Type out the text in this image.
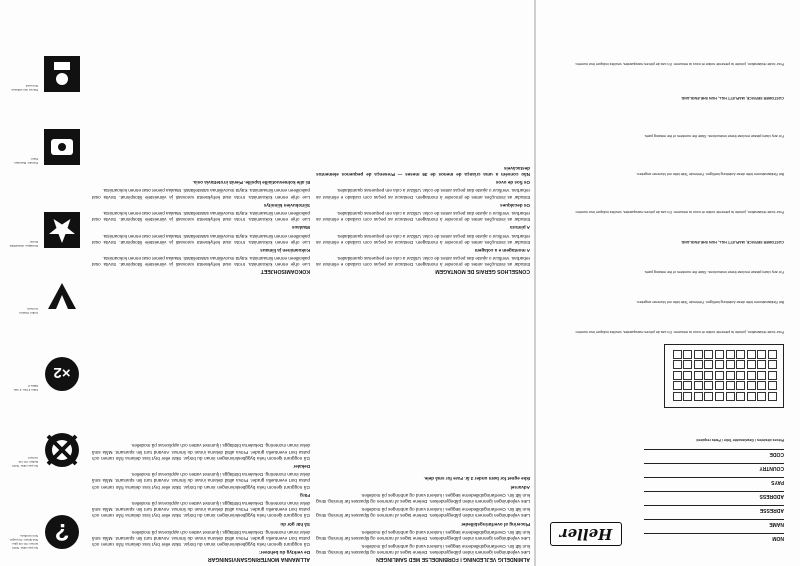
?
Ne pas coller. Nicht leimen. Do not glue. Niet lijmen. No pegar. Non incollare.
Ne pas coller. Nicht kleben. Do not cement.
×2
Faire 2 fois. 2 mal. Make 2.
Coller. Kleben. Cement.
Décalque. Abziehbild. Decal.
Peindre. Bemalen. Paint.
Pièces non utilisées. Not used.
KOKOAMISOHJEET

Lue ohje ennen kokoamista. Irrota osat kehyksestä varovasti ja viimeistele liitospinnat. Sovita osat paikoilleen ennen liimaamista. Käytä muoviliimaa säästeliäästi. Maalaa pienet osat ennen kokoamista.

Kokoaminen ja liimaus

Lue ohje ennen kokoamista. Irrota osat kehyksestä varovasti ja viimeistele liitospinnat. Sovita osat paikoilleen ennen liimaamista. Käytä muoviliimaa säästeliäästi. Maalaa pienet osat ennen kokoamista.

Maalaus

Lue ohje ennen kokoamista. Irrota osat kehyksestä varovasti ja viimeistele liitospinnat. Sovita osat paikoilleen ennen liimaamista. Käytä muoviliimaa säästeliäästi. Maalaa pienet osat ennen kokoamista.

Siirtokuvien kiinnitys

Lue ohje ennen kokoamista. Irrota osat kehyksestä varovasti ja viimeistele liitospinnat. Sovita osat paikoilleen ennen liimaamista. Käytä muoviliimaa säästeliäästi. Maalaa pienet osat ennen kokoamista.

Ei alle kolmevuotiaille lapsille. Pieniä irrotettavia osia.

ALLMÄNNA MONTERINGSANVISNINGAR

De verktyg du behöver:

Gå noggrant igenom hela byggbeskrivningen innan du börjar. Skär eller bryt loss delarna från ramen och putsa bort eventuella grader. Pröva alltid delarna innan du limmar. Använd tunt lim sparsamt. Måla små delar innan montering. Dekalerna blötläggs i ljummet vatten och appliceras på modellen.

Så här gör du

Gå noggrant igenom hela byggbeskrivningen innan du börjar. Skär eller bryt loss delarna från ramen och putsa bort eventuella grader. Pröva alltid delarna innan du limmar. Använd tunt lim sparsamt. Måla små delar innan montering. Dekalerna blötläggs i ljummet vatten och appliceras på modellen.

Färg

Gå noggrant igenom hela byggbeskrivningen innan du börjar. Skär eller bryt loss delarna från ramen och putsa bort eventuella grader. Pröva alltid delarna innan du limmar. Använd tunt lim sparsamt. Måla små delar innan montering. Dekalerna blötläggs i ljummet vatten och appliceras på modellen.

Dekaler

Gå noggrant igenom hela byggbeskrivningen innan du börjar. Skär eller bryt loss delarna från ramen och putsa bort eventuella grader. Pröva alltid delarna innan du limmar. Använd tunt lim sparsamt. Måla små delar innan montering. Dekalerna blötläggs i ljummet vatten och appliceras på modellen.

CONSELHOS GERAIS DE MONTAGEM

Estudar as instruções antes de proceder à montagem. Destacar as peças com cuidado e eliminar as rebarbas. Verificar o ajuste das peças antes de colar. Utilizar a cola em pequenas quantidades.

A montagem e a colagem

Estudar as instruções antes de proceder à montagem. Destacar as peças com cuidado e eliminar as rebarbas. Verificar o ajuste das peças antes de colar. Utilizar a cola em pequenas quantidades.

A pintura

Estudar as instruções antes de proceder à montagem. Destacar as peças com cuidado e eliminar as rebarbas. Verificar o ajuste das peças antes de colar. Utilizar a cola em pequenas quantidades.

Os decalques

Estudar as instruções antes de proceder à montagem. Destacar as peças com cuidado e eliminar as rebarbas. Verificar o ajuste das peças antes de colar. Utilizar a cola em pequenas quantidades.

Os fios de ovos

Não convém a uma criança de menos de 36 meses — Presença de pequenos elementos destacáveis

ALMINDELIG VEJLEDNING I FORBINDELSE MED SAMLINGEN

Læs vejledningen igennem inden påbegyndelsen. Delene tages af rammen og tilpasses før limning. Brug kun lidt lim. Overføringsbillederne lægges i lunkent vand og anbringes på modellen.

Læs vejledningen igennem inden påbegyndelsen. Delene tages af rammen og tilpasses før limning. Brug kun lidt lim. Overføringsbillederne lægges i lunkent vand og anbringes på modellen.

Placering af overføringsbilleder

Læs vejledningen igennem inden påbegyndelsen. Delene tages af rammen og tilpasses før limning. Brug kun lidt lim. Overføringsbillederne lægges i lunkent vand og anbringes på modellen.

Læs vejledningen igennem inden påbegyndelsen. Delene tages af rammen og tilpasses før limning. Brug kun lidt lim. Overføringsbillederne lægges i lunkent vand og anbringes på modellen.

Advarsel

Ikke egnet for børn under 3 år. Fare for små dele.

Heller	NOM
NAME
ADRESSE
ADDRESS
PAYS
COUNTRY
CODE
Pièces désirées / Gewünschte Teile / Parts required
Pour toute réclamation, joindre la présente notice et nous la retourner. En cas de pièces manquantes, veuillez indiquer leur numéro.
Bei Reklamationen bitte diese Anleitung beifügen. Fehlende Teile bitte mit Nummer angeben.
For any claim please enclose these instructions. State the numbers of the missing parts.
CUSTOMER SERVICE, MAPLETT HILL, HUN SHE-ENGLAND.
Pour toute réclamation, joindre la présente notice et nous la retourner. En cas de pièces manquantes, veuillez indiquer leur numéro.
Bei Reklamationen bitte diese Anleitung beifügen. Fehlende Teile bitte mit Nummer angeben.
For any claim please enclose these instructions. State the numbers of the missing parts.
CUSTOMER SERVICE, MAPLETT HILL, HUN SHE-ENGLAND.
Pour toute réclamation, joindre la présente notice et nous la retourner. En cas de pièces manquantes, veuillez indiquer leur numéro.
